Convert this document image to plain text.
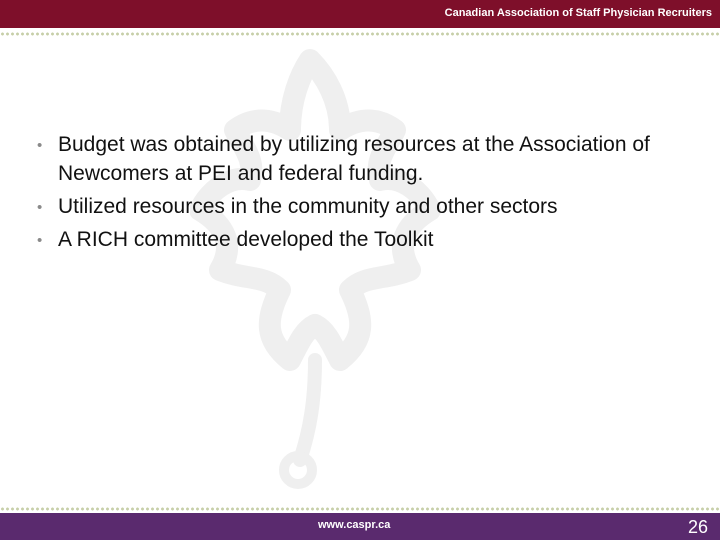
Canadian Association of Staff Physician Recruiters
• Budget was obtained by utilizing resources at the Association of Newcomers at PEI and federal funding.
• Utilized resources in the community and other sectors
• A RICH committee developed the Toolkit
www.caspr.ca	26
